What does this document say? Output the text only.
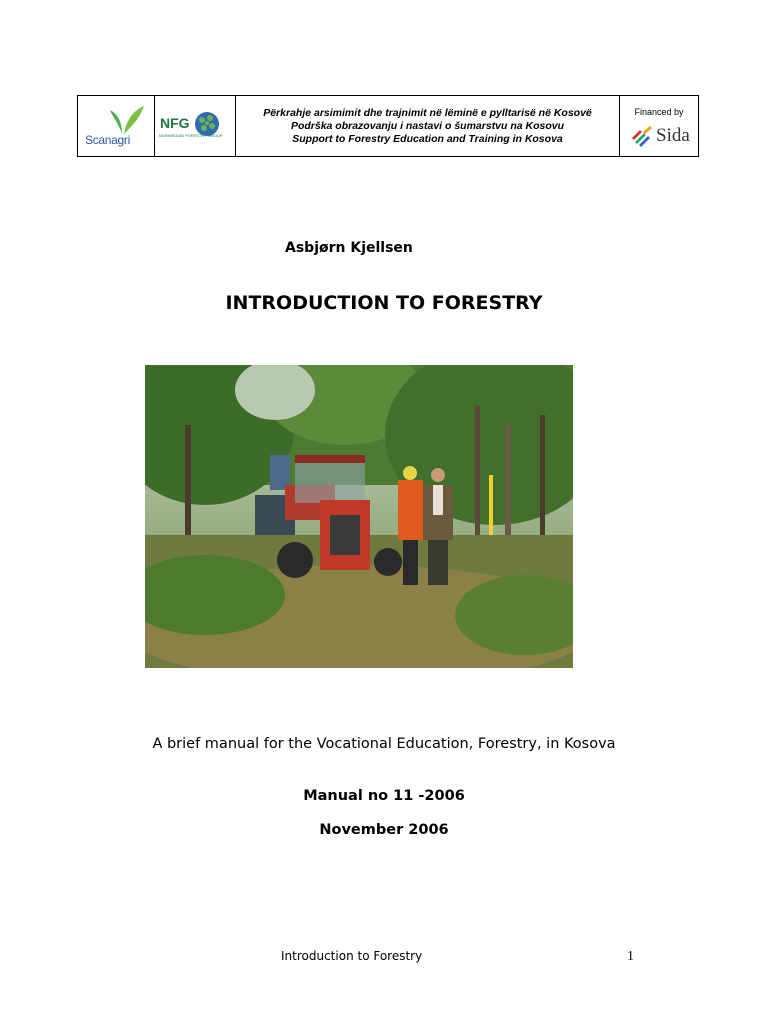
Scanagri
NFG
NORWEGIAN FORESTRY GROUP
Përkrahje arsimimit dhe trajnimit në lëminë e pylltarisë në Kosovë
Podrška obrazovanju i nastavi o šumarstvu na Kosovu
Support to Forestry Education and Training in Kosova
Financed by
Sida
Asbjørn Kjellsen
INTRODUCTION TO FORESTRY
A brief manual for the Vocational Education, Forestry, in Kosova
Manual no 11 -2006
November 2006
Introduction to Forestry	1
